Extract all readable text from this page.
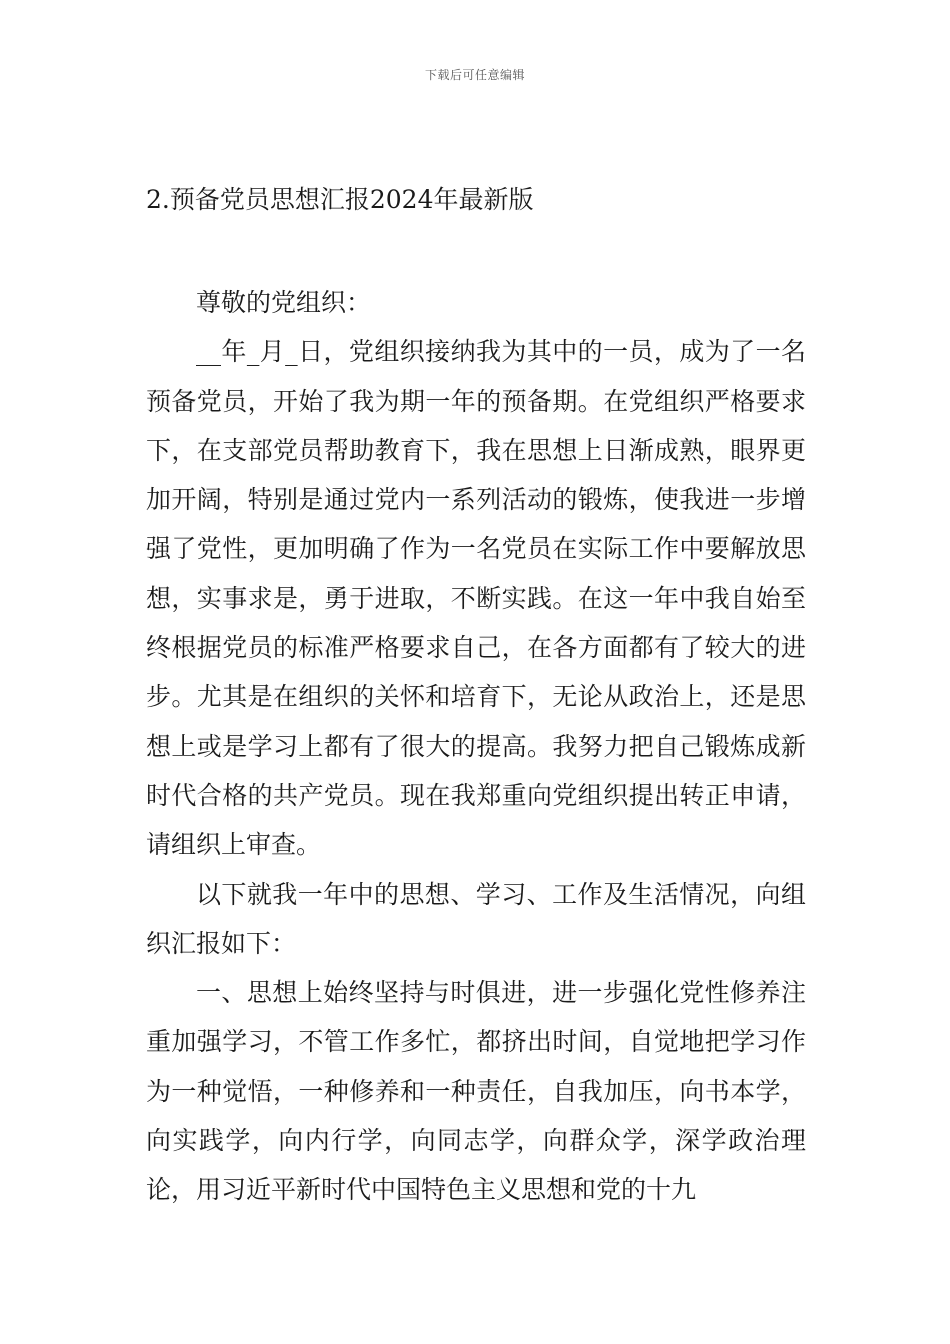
下载后可任意编辑
2.预备党员思想汇报2024年最新版

尊敬的党组织：

__年_月_日，党组织接纳我为其中的一员，成为了一名预备党员，开始了我为期一年的预备期。在党组织严格要求下，在支部党员帮助教育下，我在思想上日渐成熟，眼界更加开阔，特别是通过党内一系列活动的锻炼，使我进一步增强了党性，更加明确了作为一名党员在实际工作中要解放思想，实事求是，勇于进取，不断实践。在这一年中我自始至终根据党员的标准严格要求自己，在各方面都有了较大的进步。尤其是在组织的关怀和培育下，无论从政治上，还是思想上或是学习上都有了很大的提高。我努力把自己锻炼成新时代合格的共产党员。现在我郑重向党组织提出转正申请，请组织上审查。

以下就我一年中的思想、学习、工作及生活情况，向组织汇报如下：

一、思想上始终坚持与时俱进，进一步强化党性修养注重加强学习，不管工作多忙，都挤出时间，自觉地把学习作为一种觉悟，一种修养和一种责任，自我加压，向书本学，向实践学，向内行学，向同志学，向群众学，深学政治理论，用习近平新时代中国特色主义思想和党的十九
